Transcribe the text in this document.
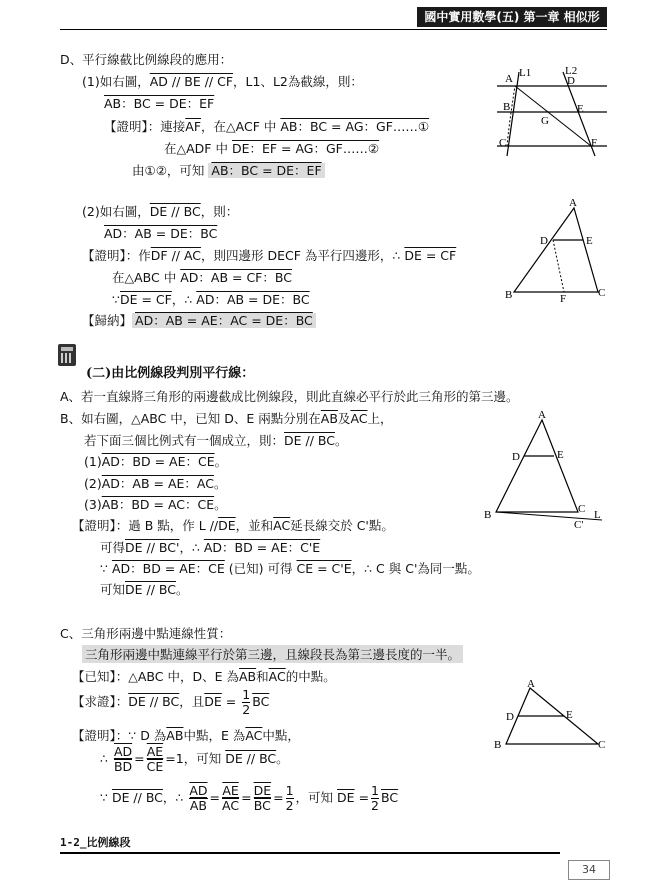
國中實用數學(五) 第一章 相似形
D、平行線截比例線段的應用：
(1)如右圖，AD // BE // CF，L1、L2為截線，則：
AB：BC = DE：EF
【證明】：連接$\overline{AF}$，在△ACF 中 AB：BC = AG：GF……①
在△ADF 中 DE：EF = AG：GF……②
由①②，可知 AB：BC = DE：EF
(2)如右圖，DE // BC，則：
AD：AB = DE：BC
【證明】：作DF // AC，則四邊形 DECF 為平行四邊形，∴ DE = CF
在△ABC 中 AD：AB = CF：BC
∵DE = CF，∴ AD：AB = DE：BC
【歸納】 AD：AB = AE：AC = DE：BC
(二)由比例線段判別平行線：
A、若一直線將三角形的兩邊截成比例線段，則此直線必平行於此三角形的第三邊。
B、如右圖，△ABC 中，已知 D、E 兩點分別在$\overline{AB}$及$\overline{AC}$上，
若下面三個比例式有一個成立，則：DE // BC。
(1)AD：BD = AE：CE。
(2)AD：AB = AE：AC。
(3)AB：BD = AC：CE。
【證明】：過 B 點，作 L $//\overline{DE}$，並和$\overline{AC}$延長線交於 C'點。
可得DE // BC'，∴ AD：BD = AE：C'E
∵ AD：BD = AE：CE (已知) 可得 CE = C'E，∴ C 與 C'為同一點。
可知DE // BC。
C、三角形兩邊中點連線性質：
三角形兩邊中點連線平行於第三邊，且線段長為第三邊長度的一半。
【已知】：△ABC 中，D、E 為$\overline{AB}$和$\overline{AC}$的中點。
【求證】：DE // BC，且$\overline{DE} = \frac{1}{2} \overline{BC}$
【證明】：∵ D 為$\overline{AB}$中點，E 為$\overline{AC}$中點，
∴ $\frac{\overline{AD}}{BD} = \frac{\overline{AE}}{CE} =1$，可知 DE // BC。
∵ DE // BC，∴ $\frac{\overline{AD}}{AB} = \frac{\overline{AE}}{AC} = \frac{\overline{DE}}{BC} = \frac{1}{2}$ ，可知 $\overline{DE} = \frac{1}{2} \overline{BC}$
A L1	L2
D
B	E
G
C	F
A
D	E
B	F	C
A
D	E
B	C
C'
L
A
D	E
B	C
1-2_比例線段
34
